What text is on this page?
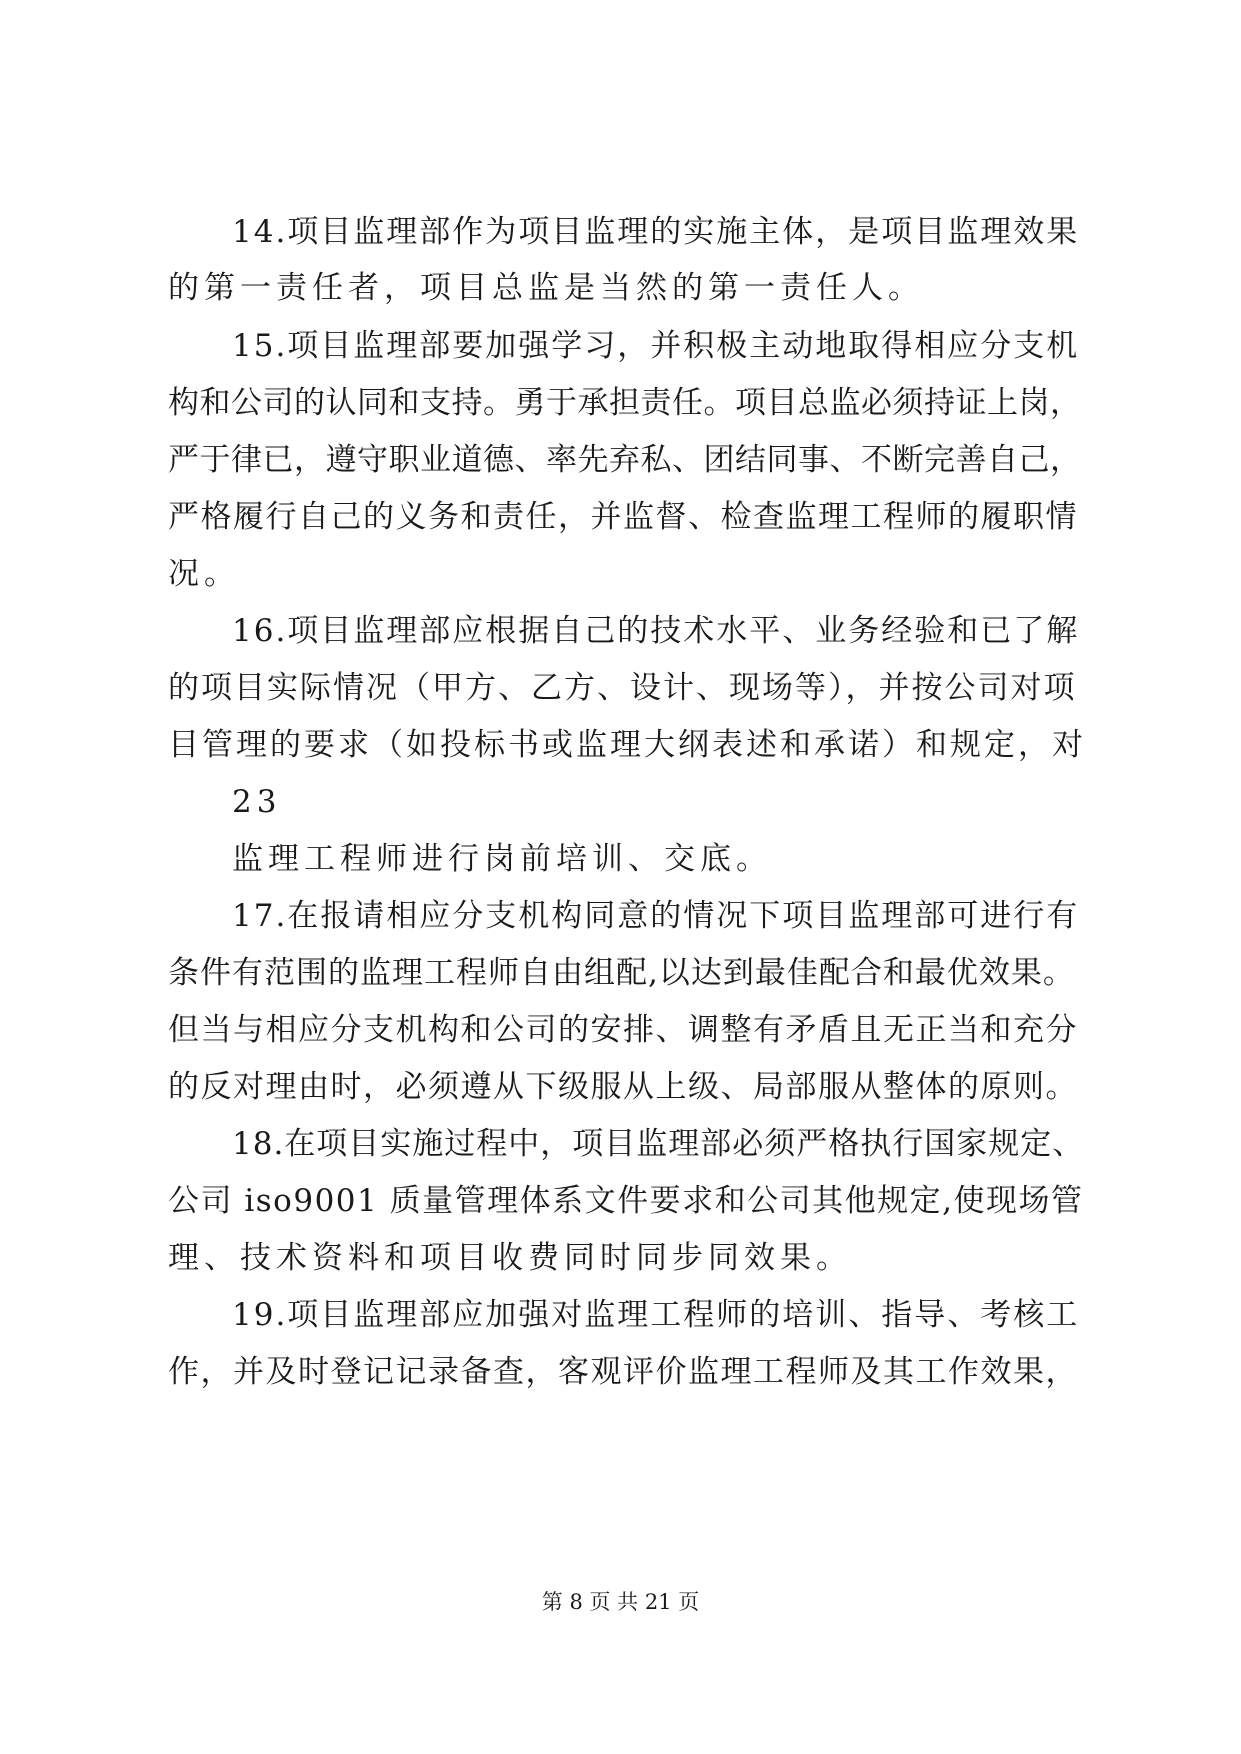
14.项目监理部作为项目监理的实施主体，是项目监理效果
的第一责任者，项目总监是当然的第一责任人。
15.项目监理部要加强学习，并积极主动地取得相应分支机
构和公司的认同和支持。勇于承担责任。项目总监必须持证上岗，
严于律已，遵守职业道德、率先弃私、团结同事、不断完善自己，
严格履行自己的义务和责任，并监督、检查监理工程师的履职情
况。
16.项目监理部应根据自己的技术水平、业务经验和已了解
的项目实际情况（甲方、乙方、设计、现场等），并按公司对项
目管理的要求（如投标书或监理大纲表述和承诺）和规定，对
23
监理工程师进行岗前培训、交底。
17.在报请相应分支机构同意的情况下项目监理部可进行有
条件有范围的监理工程师自由组配,以达到最佳配合和最优效果。
但当与相应分支机构和公司的安排、调整有矛盾且无正当和充分
的反对理由时，必须遵从下级服从上级、局部服从整体的原则。
18.在项目实施过程中，项目监理部必须严格执行国家规定、
公司 iso9001 质量管理体系文件要求和公司其他规定,使现场管
理、技术资料和项目收费同时同步同效果。
19.项目监理部应加强对监理工程师的培训、指导、考核工
作，并及时登记记录备查，客观评价监理工程师及其工作效果，
第 8 页 共 21 页
